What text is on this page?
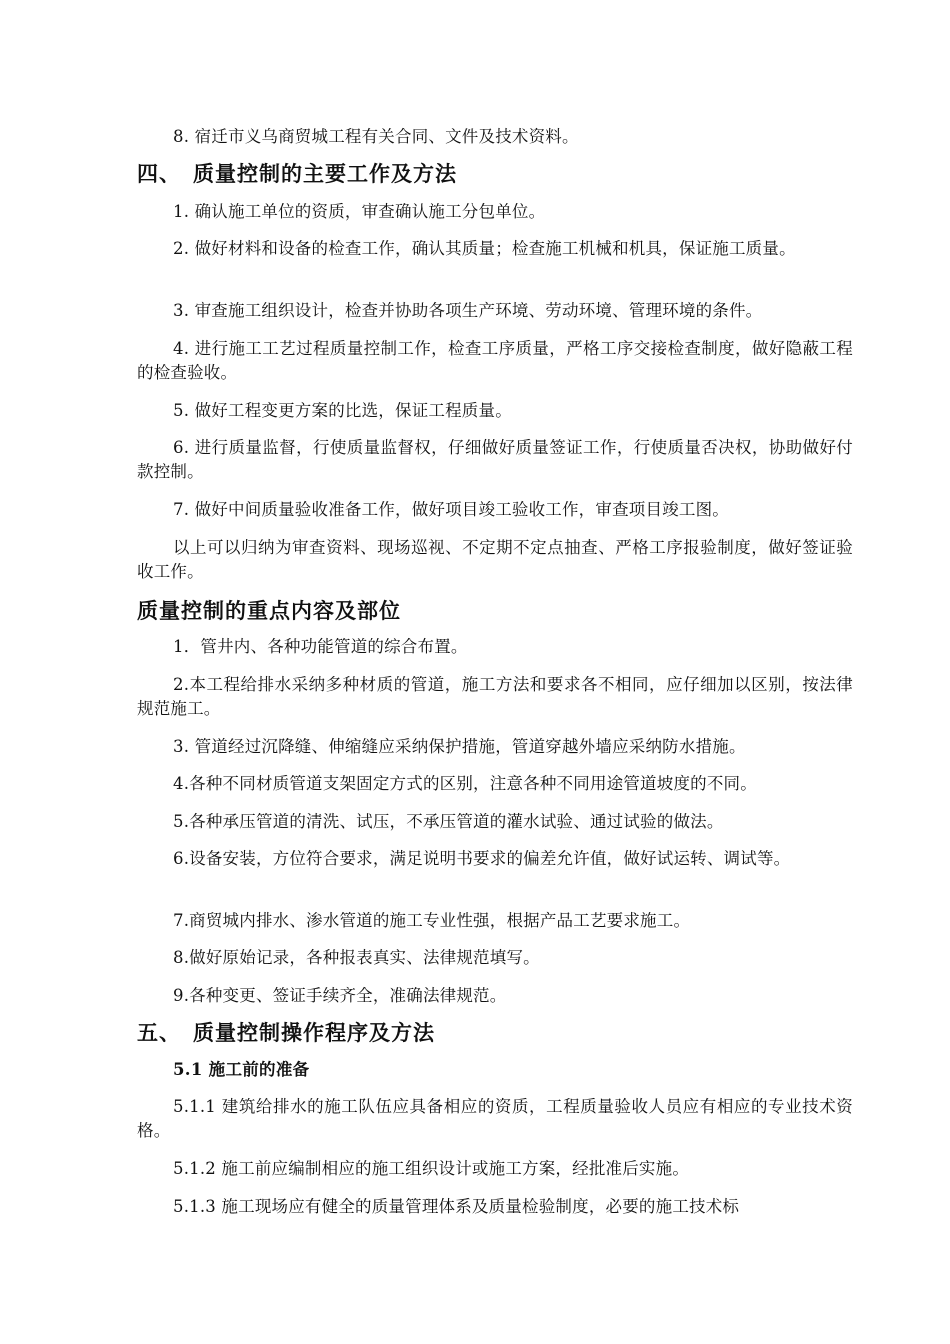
8. 宿迁市义乌商贸城工程有关合同、文件及技术资料。

四、 质量控制的主要工作及方法

1. 确认施工单位的资质，审查确认施工分包单位。

2. 做好材料和设备的检查工作，确认其质量；检查施工机械和机具，保证施工质量。

3. 审查施工组织设计，检查并协助各项生产环境、劳动环境、管理环境的条件。

4. 进行施工工艺过程质量控制工作，检查工序质量，严格工序交接检查制度，做好隐蔽工程的检查验收。

5. 做好工程变更方案的比选，保证工程质量。

6. 进行质量监督，行使质量监督权，仔细做好质量签证工作，行使质量否决权，协助做好付款控制。

7. 做好中间质量验收准备工作，做好项目竣工验收工作，审查项目竣工图。

以上可以归纳为审查资料、现场巡视、不定期不定点抽查、严格工序报验制度，做好签证验收工作。

质量控制的重点内容及部位

1．管井内、各种功能管道的综合布置。

2.本工程给排水采纳多种材质的管道，施工方法和要求各不相同，应仔细加以区别，按法律规范施工。

3. 管道经过沉降缝、伸缩缝应采纳保护措施，管道穿越外墙应采纳防水措施。

4.各种不同材质管道支架固定方式的区别，注意各种不同用途管道坡度的不同。

5.各种承压管道的清洗、试压，不承压管道的灌水试验、通过试验的做法。

6.设备安装，方位符合要求，满足说明书要求的偏差允许值，做好试运转、调试等。

7.商贸城内排水、渗水管道的施工专业性强，根据产品工艺要求施工。

8.做好原始记录，各种报表真实、法律规范填写。

9.各种变更、签证手续齐全，准确法律规范。

五、 质量控制操作程序及方法
5.1 施工前的准备

5.1.1 建筑给排水的施工队伍应具备相应的资质，工程质量验收人员应有相应的专业技术资格。

5.1.2 施工前应编制相应的施工组织设计或施工方案，经批准后实施。

5.1.3 施工现场应有健全的质量管理体系及质量检验制度，必要的施工技术标
